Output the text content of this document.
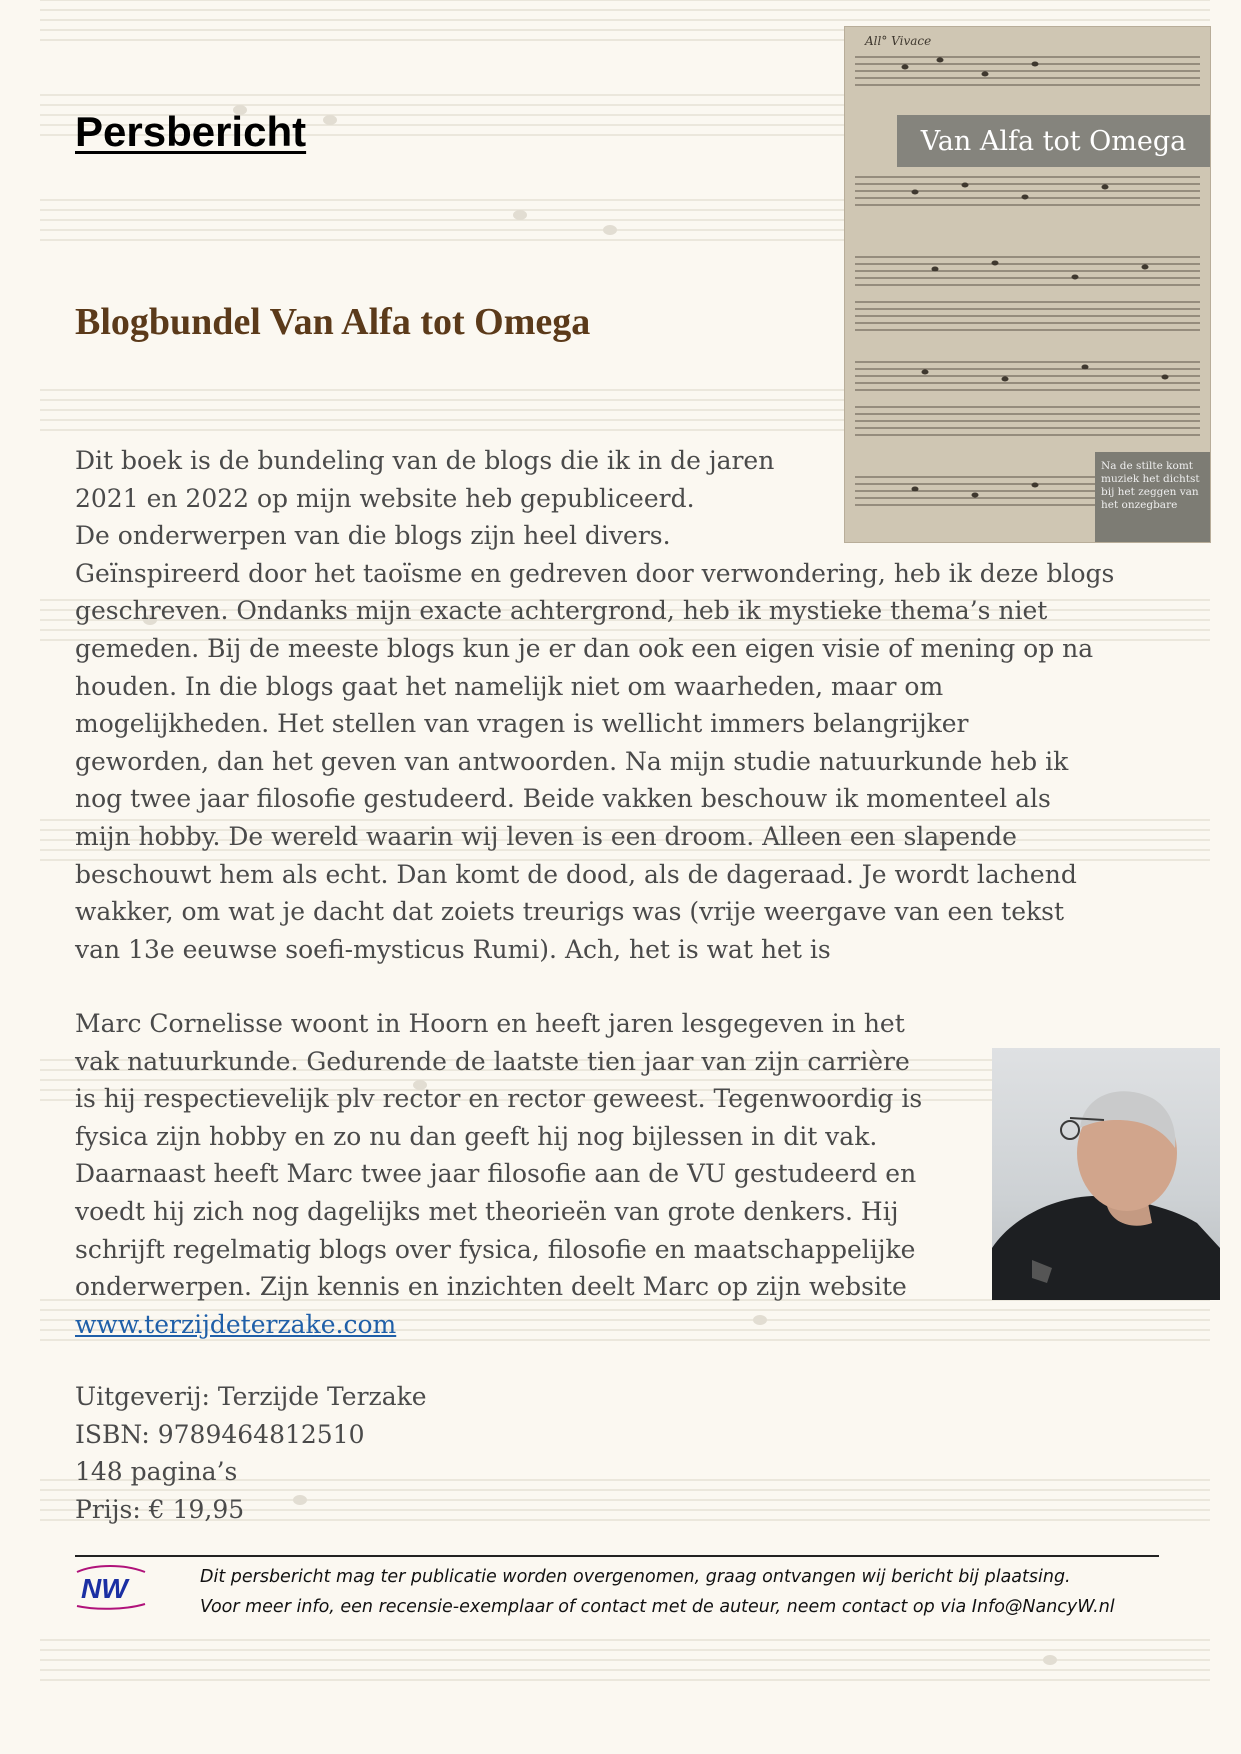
Persbericht
Blogbundel Van Alfa tot Omega
All° Vivace
Van Alfa tot Omega
Na de stilte komt muziek het dichtst bij het zeggen van het onzegbare

Dit boek is de bundeling van de blogs die ik in de jaren
2021 en 2022 op mijn website heb gepubliceerd.
De onderwerpen van die blogs zijn heel divers.
Geïnspireerd door het taoïsme en gedreven door verwondering, heb ik deze blogs
geschreven. Ondanks mijn exacte achtergrond, heb ik mystieke thema’s niet
gemeden. Bij de meeste blogs kun je er dan ook een eigen visie of mening op na
houden. In die blogs gaat het namelijk niet om waarheden, maar om
mogelijkheden. Het stellen van vragen is wellicht immers belangrijker
geworden, dan het geven van antwoorden. Na mijn studie natuurkunde heb ik
nog twee jaar filosofie gestudeerd. Beide vakken beschouw ik momenteel als
mijn hobby. De wereld waarin wij leven is een droom. Alleen een slapende
beschouwt hem als echt. Dan komt de dood, als de dageraad. Je wordt lachend
wakker, om wat je dacht dat zoiets treurigs was (vrije weergave van een tekst
van 13e eeuwse soefi-mysticus Rumi). Ach, het is wat het is

Marc Cornelisse woont in Hoorn en heeft jaren lesgegeven in het
vak natuurkunde. Gedurende de laatste tien jaar van zijn carrière
is hij respectievelijk plv rector en rector geweest. Tegenwoordig is
fysica zijn hobby en zo nu dan geeft hij nog bijlessen in dit vak.
Daarnaast heeft Marc twee jaar filosofie aan de VU gestudeerd en
voedt hij zich nog dagelijks met theorieën van grote denkers. Hij
schrijft regelmatig blogs over fysica, filosofie en maatschappelijke
onderwerpen. Zijn kennis en inzichten deelt Marc op zijn website
www.terzijdeterzake.com

Uitgeverij: Terzijde Terzake
ISBN: 9789464812510
148 pagina’s
Prijs: € 19,95

NW	Dit persbericht mag ter publicatie worden overgenomen, graag ontvangen wij bericht bij plaatsing.
Voor meer info, een recensie-exemplaar of contact met de auteur, neem contact op via Info@NancyW.nl
